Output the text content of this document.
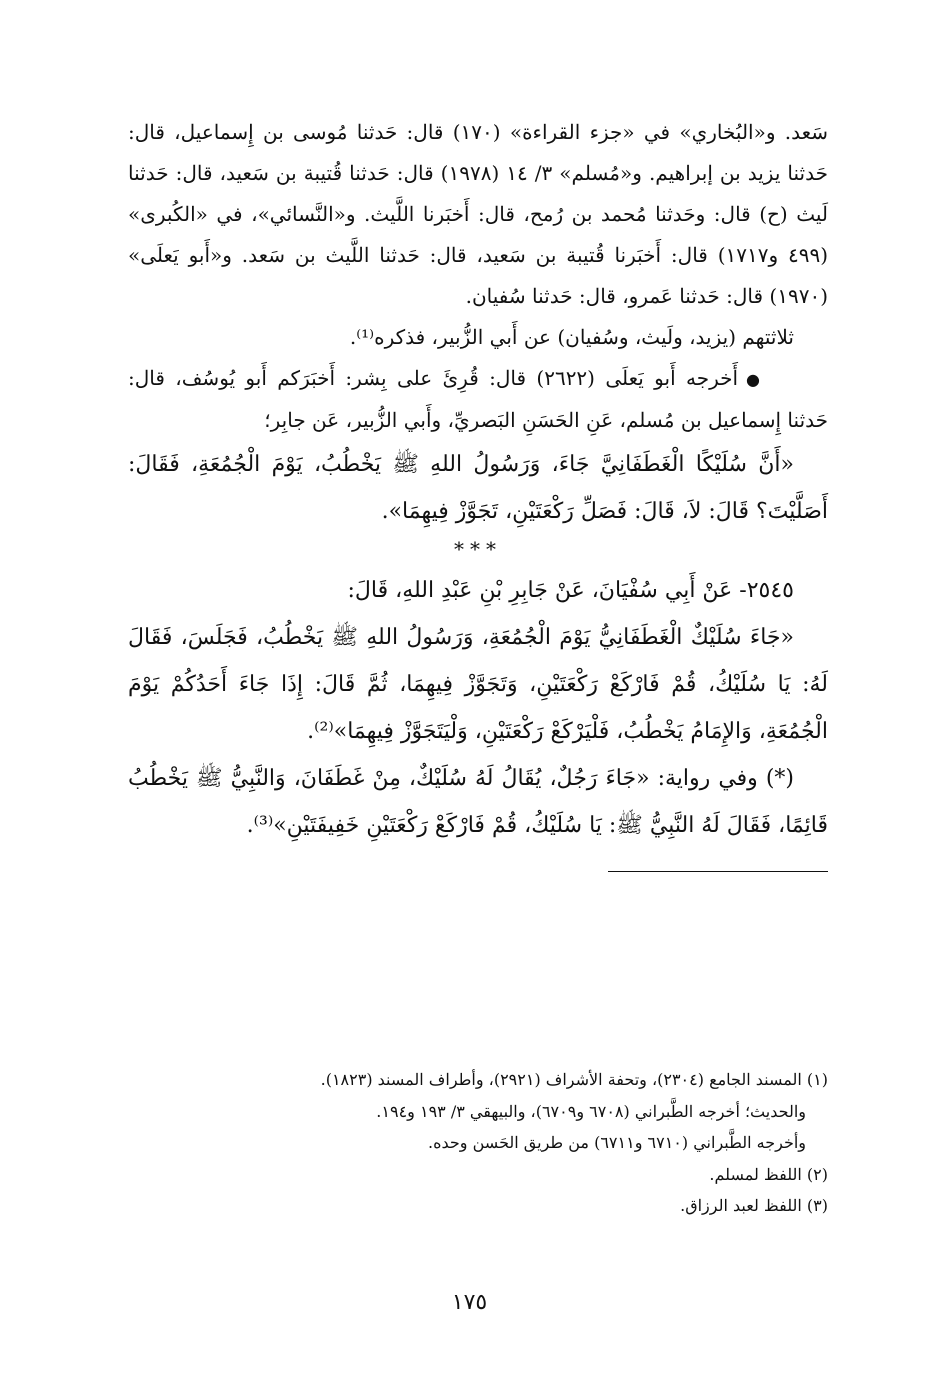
سَعد. و«البُخاري» في «جزء القراءة» (١٧٠) قال: حَدثنا مُوسى بن إِسماعيل، قال: حَدثنا يزيد بن إبراهيم. و«مُسلم» ٣/ ١٤ (١٩٧٨) قال: حَدثنا قُتيبة بن سَعيد، قال: حَدثنا لَيث (ح) قال: وحَدثنا مُحمد بن رُمح، قال: أَخبَرنا اللَّيث. و«النَّسائي»، في «الكُبرى» (٤٩٩ و١٧١٧) قال: أَخبَرنا قُتيبة بن سَعيد، قال: حَدثنا اللَّيث بن سَعد. و«أَبو يَعلَى» (١٩٧٠) قال: حَدثنا عَمرو، قال: حَدثنا سُفيان.

ثلاثتهم (يزيد، ولَيث، وسُفيان) عن أَبي الزُّبير، فذكره⁽¹⁾.

●أَخرجه أَبو يَعلَى (٢٦٢٢) قال: قُرِئَ على بِشر: أَخبَرَكم أَبو يُوسُف، قال: حَدثنا إِسماعيل بن مُسلم، عَنِ الحَسَنِ البَصريِّ، وأَبي الزُّبير، عَن جابِر؛

«أَنَّ سُلَيْكًا الْغَطَفَانِيَّ جَاءَ، وَرَسُولُ اللهِ ﷺ يَخْطُبُ، يَوْمَ الْجُمُعَةِ، فَقَالَ: أَصَلَّيْتَ؟ قَالَ: لاَ، قَالَ: فَصَلِّ رَكْعَتَيْنِ، تَجَوَّزْ فِيهِمَا».

***

٢٥٤٥- عَنْ أَبِي سُفْيَانَ، عَنْ جَابِرِ بْنِ عَبْدِ اللهِ، قَالَ:

«جَاءَ سُلَيْكٌ الْغَطَفَانِيُّ يَوْمَ الْجُمُعَةِ، وَرَسُولُ اللهِ ﷺ يَخْطُبُ، فَجَلَسَ، فَقَالَ لَهُ: يَا سُلَيْكُ، قُمْ فَارْكَعْ رَكْعَتَيْنِ، وَتَجَوَّزْ فِيهِمَا، ثُمَّ قَالَ: إِذَا جَاءَ أَحَدُكُمْ يَوْمَ الْجُمُعَةِ، وَالإِمَامُ يَخْطُبُ، فَلْيَرْكَعْ رَكْعَتَيْنِ، وَلْيَتَجَوَّزْ فِيهِمَا»⁽²⁾.

(*) وفي رواية: «جَاءَ رَجُلٌ، يُقَالُ لَهُ سُلَيْكٌ، مِنْ غَطَفَانَ، وَالنَّبِيُّ ﷺ يَخْطُبُ قَائِمًا، فَقَالَ لَهُ النَّبِيُّ ﷺ: يَا سُلَيْكُ، قُمْ فَارْكَعْ رَكْعَتَيْنِ خَفِيفَتَيْنِ»⁽³⁾.

(١) المسند الجامع (٢٣٠٤)، وتحفة الأشراف (٢٩٢١)، وأطراف المسند (١٨٢٣).

والحديث؛ أخرجه الطَّبراني (٦٧٠٨ و٦٧٠٩)، والبيهقي ٣/ ١٩٣ و١٩٤.

وأخرجه الطَّبراني (٦٧١٠ و٦٧١١) من طريق الحَسن وحده.

(٢) اللفظ لمسلم.

(٣) اللفظ لعبد الرزاق.

١٧٥
